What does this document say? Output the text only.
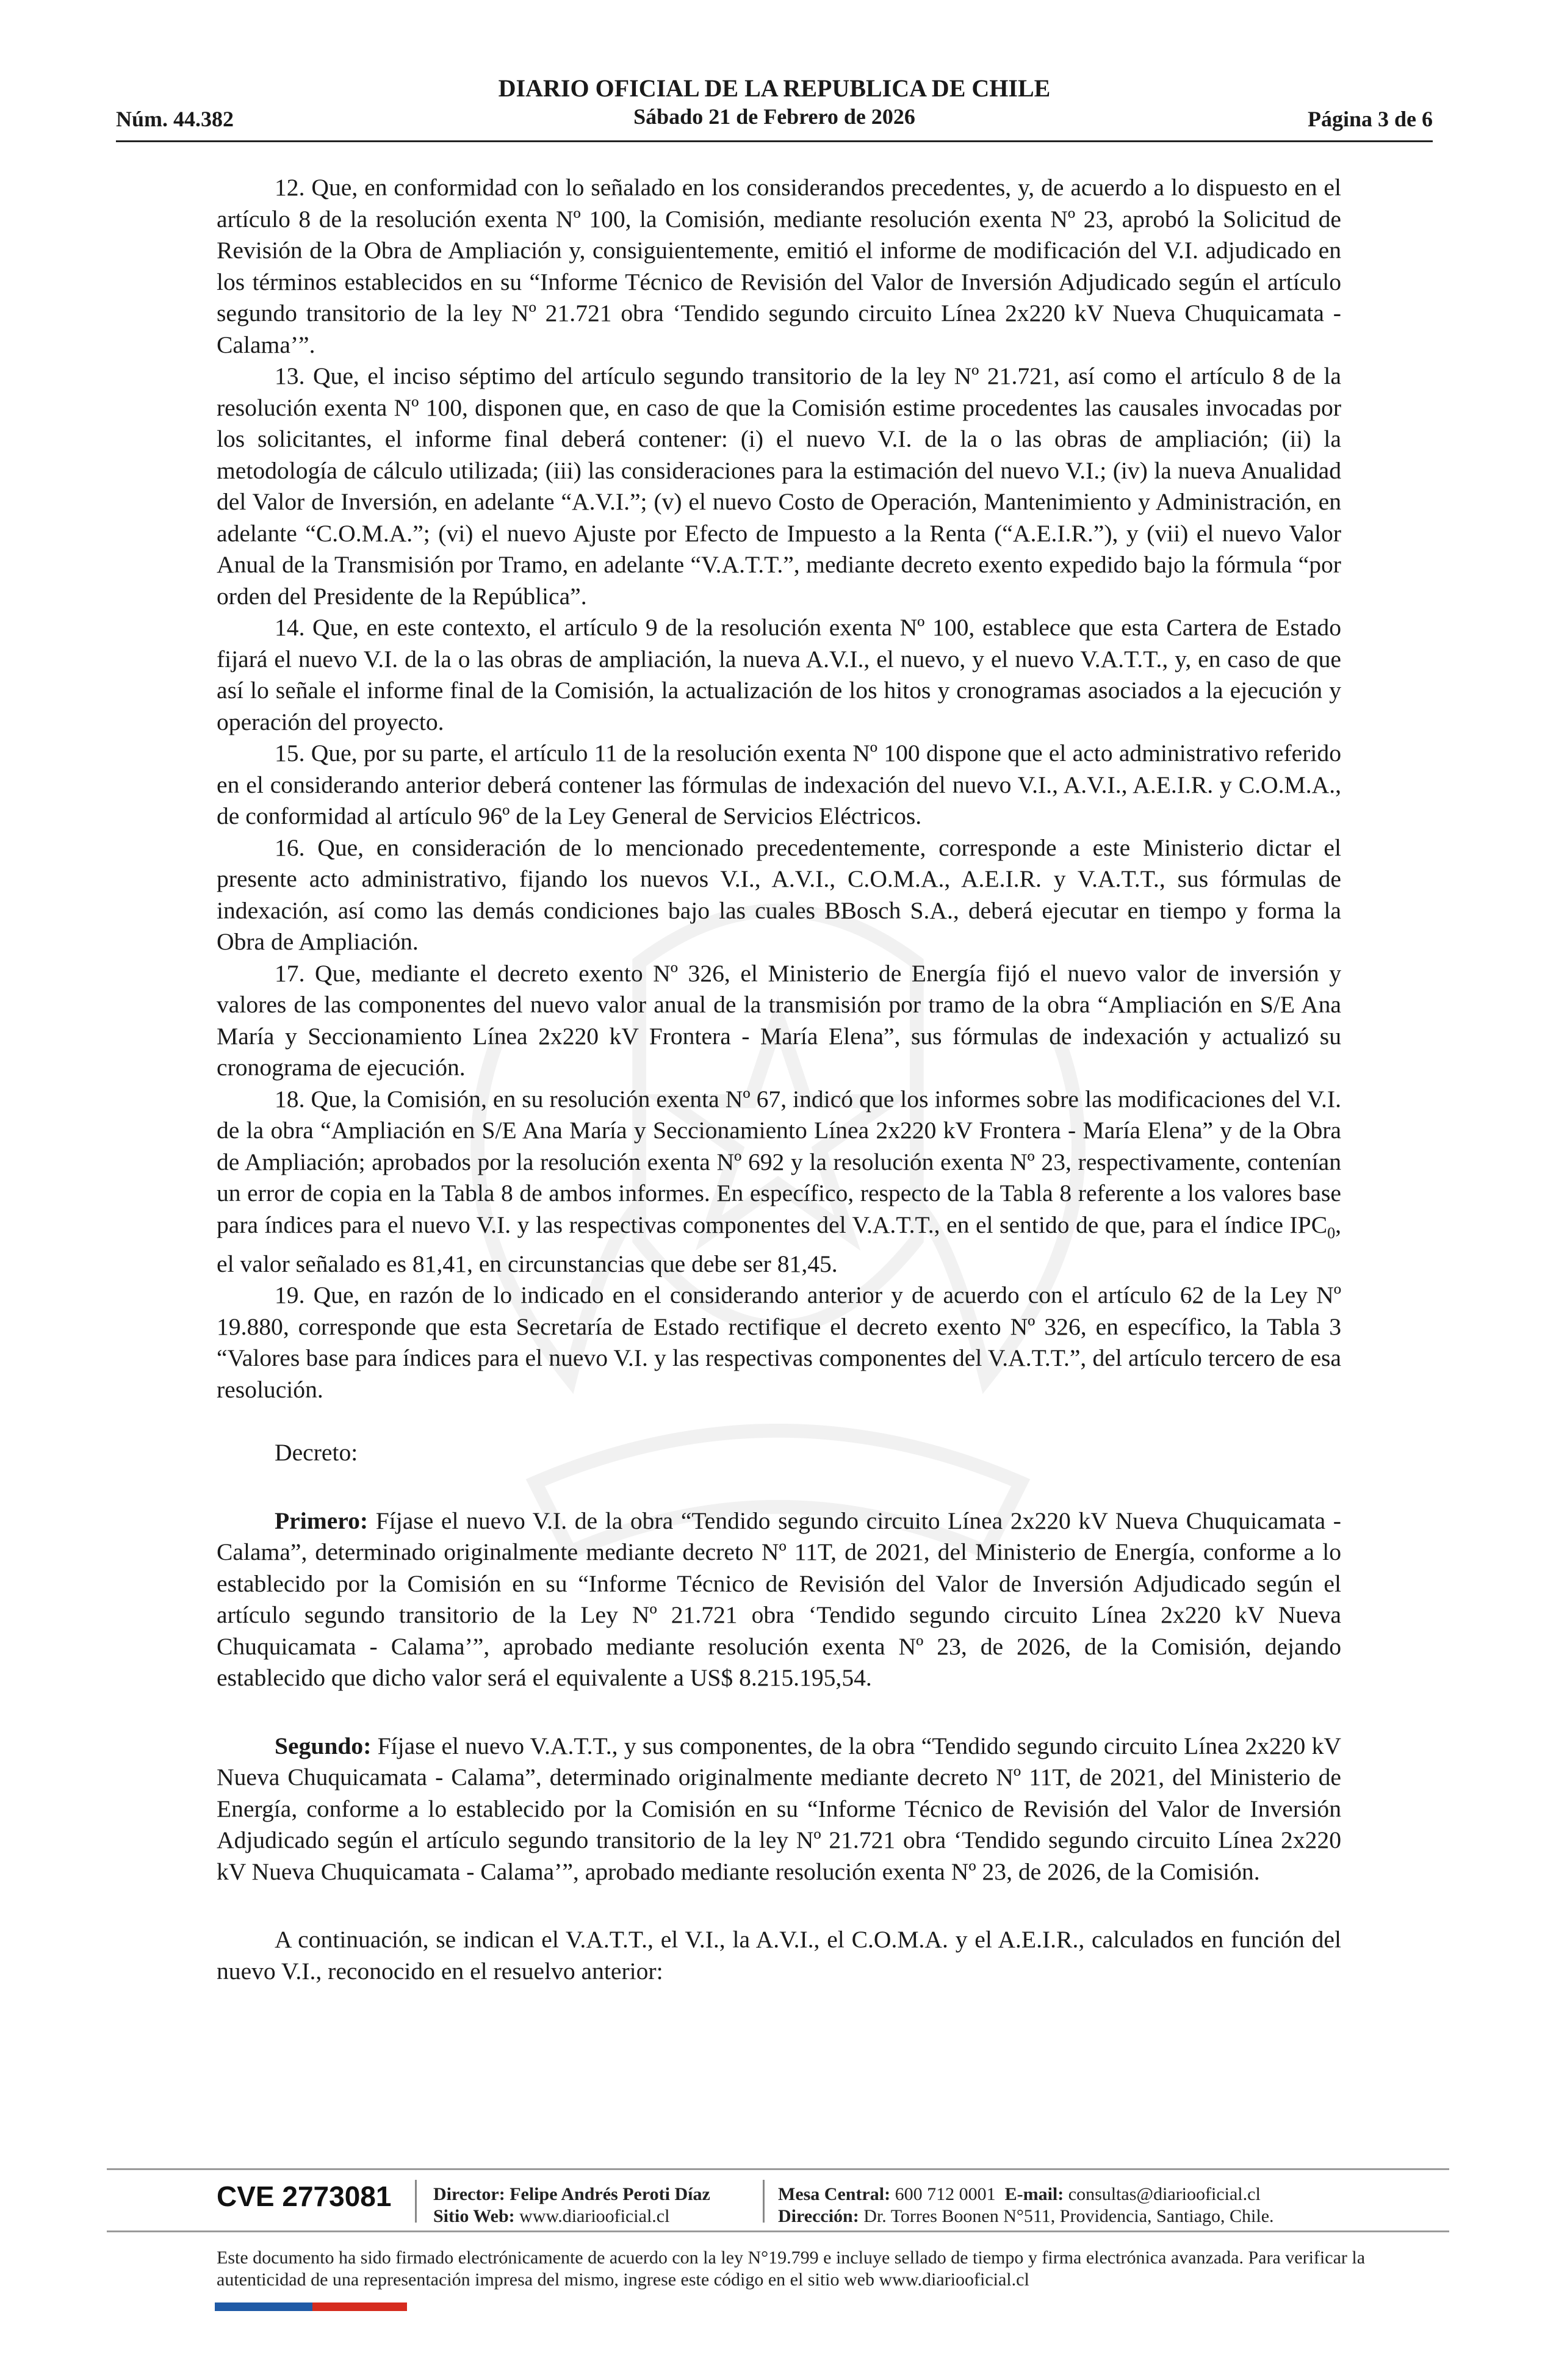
Núm. 44.382
DIARIO OFICIAL DE LA REPUBLICA DE CHILE
Sábado 21 de Febrero de 2026	Página 3 de 6

12. Que, en conformidad con lo señalado en los considerandos precedentes, y, de acuerdo a lo dispuesto en el artículo 8 de la resolución exenta Nº 100, la Comisión, mediante resolución exenta Nº 23, aprobó la Solicitud de Revisión de la Obra de Ampliación y, consiguientemente, emitió el informe de modificación del V.I. adjudicado en los términos establecidos en su “Informe Técnico de Revisión del Valor de Inversión Adjudicado según el artículo segundo transitorio de la ley Nº 21.721 obra ‘Tendido segundo circuito Línea 2x220 kV Nueva Chuquicamata - Calama’”.

13. Que, el inciso séptimo del artículo segundo transitorio de la ley Nº 21.721, así como el artículo 8 de la resolución exenta Nº 100, disponen que, en caso de que la Comisión estime procedentes las causales invocadas por los solicitantes, el informe final deberá contener: (i) el nuevo V.I. de la o las obras de ampliación; (ii) la metodología de cálculo utilizada; (iii) las consideraciones para la estimación del nuevo V.I.; (iv) la nueva Anualidad del Valor de Inversión, en adelante “A.V.I.”; (v) el nuevo Costo de Operación, Mantenimiento y Administración, en adelante “C.O.M.A.”; (vi) el nuevo Ajuste por Efecto de Impuesto a la Renta (“A.E.I.R.”), y (vii) el nuevo Valor Anual de la Transmisión por Tramo, en adelante “V.A.T.T.”, mediante decreto exento expedido bajo la fórmula “por orden del Presidente de la República”.

14. Que, en este contexto, el artículo 9 de la resolución exenta Nº 100, establece que esta Cartera de Estado fijará el nuevo V.I. de la o las obras de ampliación, la nueva A.V.I., el nuevo, y el nuevo V.A.T.T., y, en caso de que así lo señale el informe final de la Comisión, la actualización de los hitos y cronogramas asociados a la ejecución y operación del proyecto.

15. Que, por su parte, el artículo 11 de la resolución exenta Nº 100 dispone que el acto administrativo referido en el considerando anterior deberá contener las fórmulas de indexación del nuevo V.I., A.V.I., A.E.I.R. y C.O.M.A., de conformidad al artículo 96º de la Ley General de Servicios Eléctricos.

16. Que, en consideración de lo mencionado precedentemente, corresponde a este Ministerio dictar el presente acto administrativo, fijando los nuevos V.I., A.V.I., C.O.M.A., A.E.I.R. y V.A.T.T., sus fórmulas de indexación, así como las demás condiciones bajo las cuales BBosch S.A., deberá ejecutar en tiempo y forma la Obra de Ampliación.

17. Que, mediante el decreto exento Nº 326, el Ministerio de Energía fijó el nuevo valor de inversión y valores de las componentes del nuevo valor anual de la transmisión por tramo de la obra “Ampliación en S/E Ana María y Seccionamiento Línea 2x220 kV Frontera - María Elena”, sus fórmulas de indexación y actualizó su cronograma de ejecución.

18. Que, la Comisión, en su resolución exenta Nº 67, indicó que los informes sobre las modificaciones del V.I. de la obra “Ampliación en S/E Ana María y Seccionamiento Línea 2x220 kV Frontera - María Elena” y de la Obra de Ampliación; aprobados por la resolución exenta Nº 692 y la resolución exenta Nº 23, respectivamente, contenían un error de copia en la Tabla 8 de ambos informes. En específico, respecto de la Tabla 8 referente a los valores base para índices para el nuevo V.I. y las respectivas componentes del V.A.T.T., en el sentido de que, para el índice $IPC_0$, el valor señalado es 81,41, en circunstancias que debe ser 81,45.

19. Que, en razón de lo indicado en el considerando anterior y de acuerdo con el artículo 62 de la Ley Nº 19.880, corresponde que esta Secretaría de Estado rectifique el decreto exento Nº 326, en específico, la Tabla 3 “Valores base para índices para el nuevo V.I. y las respectivas componentes del V.A.T.T.”, del artículo tercero de esa resolución.

Decreto:

Primero: Fíjase el nuevo V.I. de la obra “Tendido segundo circuito Línea 2x220 kV Nueva Chuquicamata - Calama”, determinado originalmente mediante decreto Nº 11T, de 2021, del Ministerio de Energía, conforme a lo establecido por la Comisión en su “Informe Técnico de Revisión del Valor de Inversión Adjudicado según el artículo segundo transitorio de la Ley Nº 21.721 obra ‘Tendido segundo circuito Línea 2x220 kV Nueva Chuquicamata - Calama’”, aprobado mediante resolución exenta Nº 23, de 2026, de la Comisión, dejando establecido que dicho valor será el equivalente a US$ 8.215.195,54.

Segundo: Fíjase el nuevo V.A.T.T., y sus componentes, de la obra “Tendido segundo circuito Línea 2x220 kV Nueva Chuquicamata - Calama”, determinado originalmente mediante decreto Nº 11T, de 2021, del Ministerio de Energía, conforme a lo establecido por la Comisión en su “Informe Técnico de Revisión del Valor de Inversión Adjudicado según el artículo segundo transitorio de la ley Nº 21.721 obra ‘Tendido segundo circuito Línea 2x220 kV Nueva Chuquicamata - Calama’”, aprobado mediante resolución exenta Nº 23, de 2026, de la Comisión.

A continuación, se indican el V.A.T.T., el V.I., la A.V.I., el C.O.M.A. y el A.E.I.R., calculados en función del nuevo V.I., reconocido en el resuelvo anterior:

CVE 2773081 Director: Felipe Andrés Peroti Díaz
Sitio Web: www.diariooficial.cl
Mesa Central: 600 712 0001 E-mail: consultas@diariooficial.cl
Dirección: Dr. Torres Boonen N°511, Providencia, Santiago, Chile.
Este documento ha sido firmado electrónicamente de acuerdo con la ley N°19.799 e incluye sellado de tiempo y firma electrónica avanzada. Para verificar la autenticidad de una representación impresa del mismo, ingrese este código en el sitio web www.diariooficial.cl
